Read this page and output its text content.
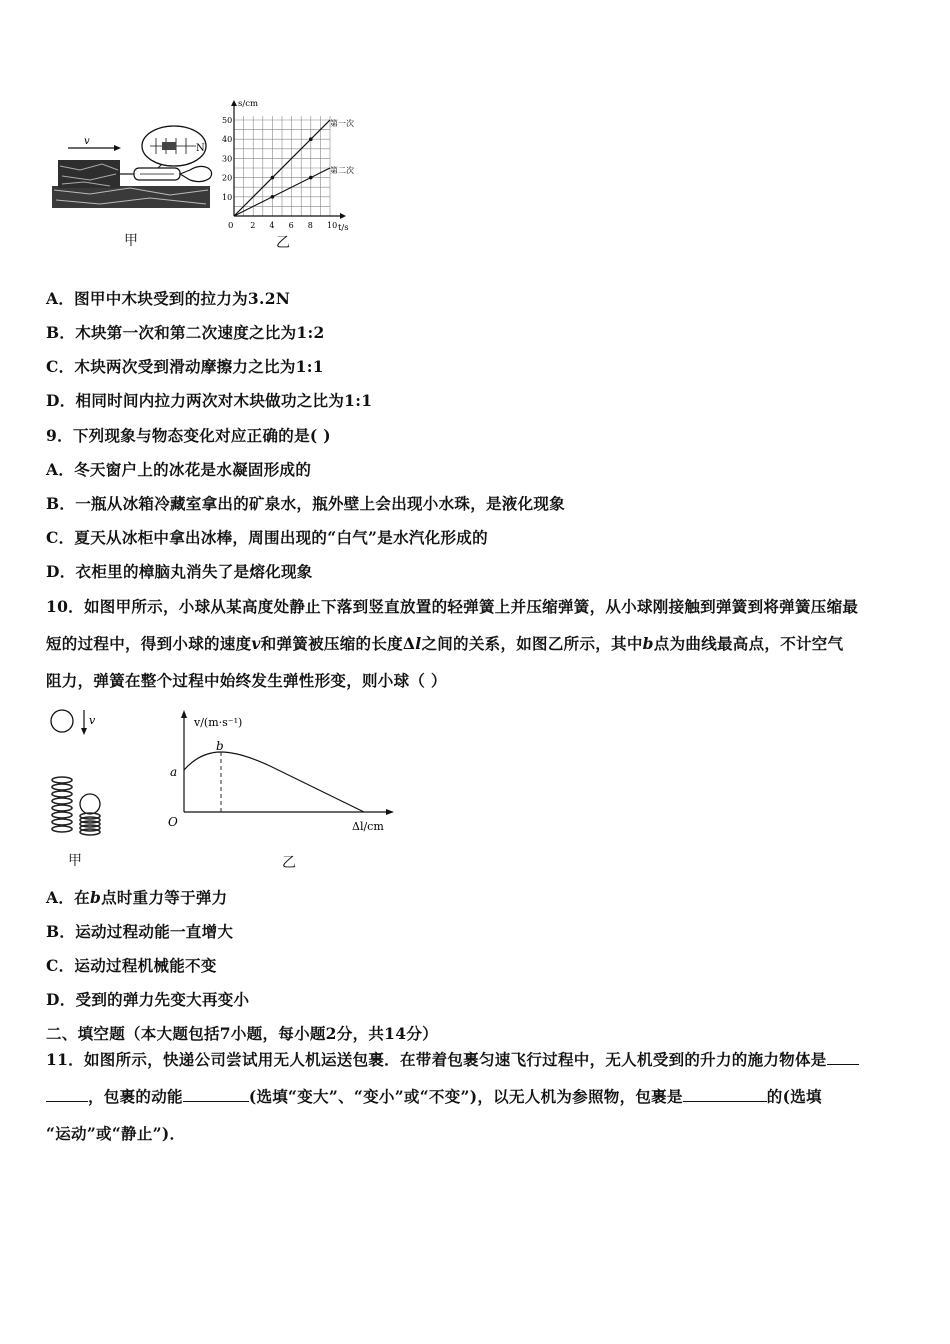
v
N
甲
s/cm
t/s
0
50
40
30
20
10
2 4 6 8 10
第一次
第二次
乙
A．图甲中木块受到的拉力为3.2N
B．木块第一次和第二次速度之比为1:2
C．木块两次受到滑动摩擦力之比为1:1
D．相同时间内拉力两次对木块做功之比为1:1
9．下列现象与物态变化对应正确的是( )
A．冬天窗户上的冰花是水凝固形成的
B．一瓶从冰箱冷藏室拿出的矿泉水，瓶外壁上会出现小水珠，是液化现象
C．夏天从冰柜中拿出冰棒，周围出现的“白气”是水汽化形成的
D．衣柜里的樟脑丸消失了是熔化现象
10．如图甲所示，小球从某高度处静止下落到竖直放置的轻弹簧上并压缩弹簧，从小球刚接触到弹簧到将弹簧压缩最
短的过程中，得到小球的速度v和弹簧被压缩的长度Δl之间的关系，如图乙所示，其中b点为曲线最高点，不计空气
阻力，弹簧在整个过程中始终发生弹性形变，则小球（ ）
v
甲
v/(m·s⁻¹)
Δl/cm
O
a
b
乙
A．在b点时重力等于弹力
B．运动过程动能一直增大
C．运动过程机械能不变
D．受到的弹力先变大再变小
二、填空题（本大题包括7小题，每小题2分，共14分）
11．如图所示，快递公司尝试用无人机运送包裹．在带着包裹匀速飞行过程中，无人机受到的升力的施力物体是
，包裹的动能	(选填“变大”、“变小”或“不变”)，以无人机为参照物，包裹是	的(选填
“运动”或“静止”)．
